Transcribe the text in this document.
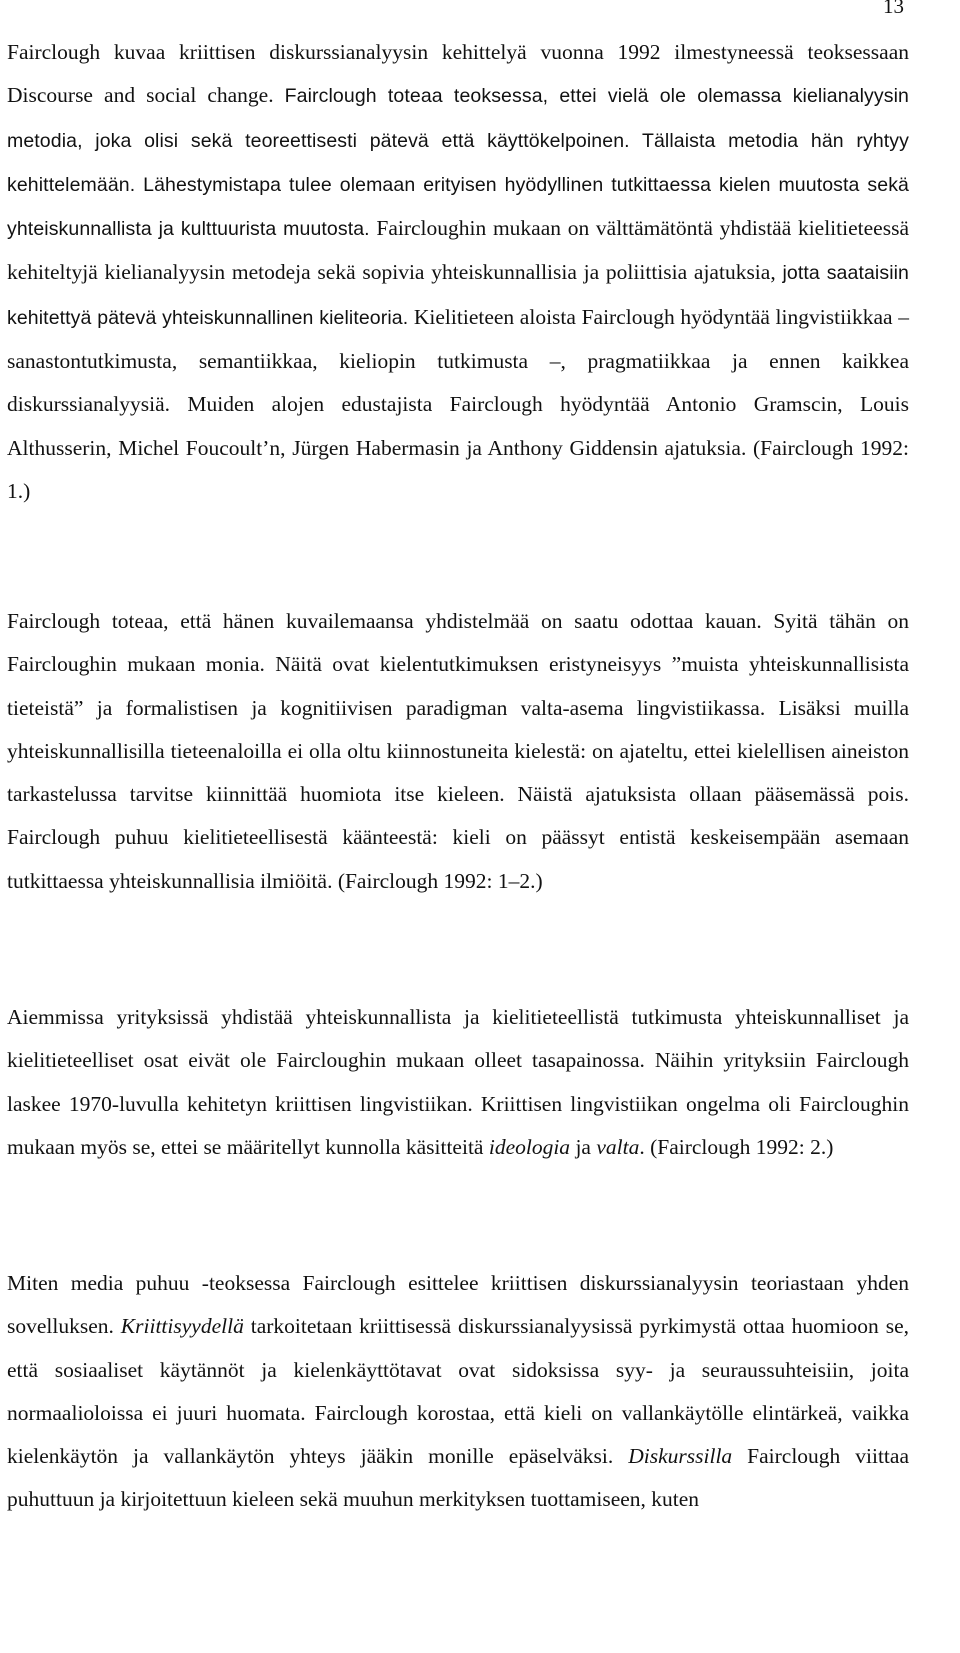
13

Fairclough kuvaa kriittisen diskurssianalyysin kehittelyä vuonna 1992 ilmestyneessä teoksessaan Discourse and social change. Fairclough toteaa teoksessa, ettei vielä ole olemassa kielianalyysin metodia, joka olisi sekä teoreettisesti pätevä että käyttökelpoinen. Tällaista metodia hän ryhtyy kehittelemään. Lähestymistapa tulee olemaan erityisen hyödyllinen tutkittaessa kielen muutosta sekä yhteiskunnallista ja kulttuurista muutosta. Faircloughin mukaan on välttämätöntä yhdistää kielitieteessä kehiteltyjä kielianalyysin metodeja sekä sopivia yhteiskunnallisia ja poliittisia ajatuksia, jotta saataisiin kehitettyä pätevä yhteiskunnallinen kieliteoria. Kielitieteen aloista Fairclough hyödyntää lingvistiikkaa – sanastontutkimusta, semantiikkaa, kieliopin tutkimusta –, pragmatiikkaa ja ennen kaikkea diskurssianalyysiä. Muiden alojen edustajista Fairclough hyödyntää Antonio Gramscin, Louis Althusserin, Michel Foucoult’n, Jürgen Habermasin ja Anthony Giddensin ajatuksia. (Fairclough 1992: 1.)

Fairclough toteaa, että hänen kuvailemaansa yhdistelmää on saatu odottaa kauan. Syitä tähän on Faircloughin mukaan monia. Näitä ovat kielentutkimuksen eristyneisyys ”muista yhteiskunnallisista tieteistä” ja formalistisen ja kognitiivisen paradigman valta-asema lingvistiikassa. Lisäksi muilla yhteiskunnallisilla tieteenaloilla ei olla oltu kiinnostuneita kielestä: on ajateltu, ettei kielellisen aineiston tarkastelussa tarvitse kiinnittää huomiota itse kieleen. Näistä ajatuksista ollaan pääsemässä pois. Fairclough puhuu kielitieteellisestä käänteestä: kieli on päässyt entistä keskeisempään asemaan tutkittaessa yhteiskunnallisia ilmiöitä. (Fairclough 1992: 1–2.)

Aiemmissa yrityksissä yhdistää yhteiskunnallista ja kielitieteellistä tutkimusta yhteiskunnalliset ja kielitieteelliset osat eivät ole Faircloughin mukaan olleet tasapainossa. Näihin yrityksiin Fairclough laskee 1970-luvulla kehitetyn kriittisen lingvistiikan. Kriittisen lingvistiikan ongelma oli Faircloughin mukaan myös se, ettei se määritellyt kunnolla käsitteitä ideologia ja valta. (Fairclough 1992: 2.)

Miten media puhuu -teoksessa Fairclough esittelee kriittisen diskurssianalyysin teoriastaan yhden sovelluksen. Kriittisyydellä tarkoitetaan kriittisessä diskurssianalyysissä pyrkimystä ottaa huomioon se, että sosiaaliset käytännöt ja kielenkäyttötavat ovat sidoksissa syy- ja seuraussuhteisiin, joita normaalioloissa ei juuri huomata. Fairclough korostaa, että kieli on vallankäytölle elintärkeä, vaikka kielenkäytön ja vallankäytön yhteys jääkin monille epäselväksi. Diskurssilla Fairclough viittaa puhuttuun ja kirjoitettuun kieleen sekä muuhun merkityksen tuottamiseen, kuten
